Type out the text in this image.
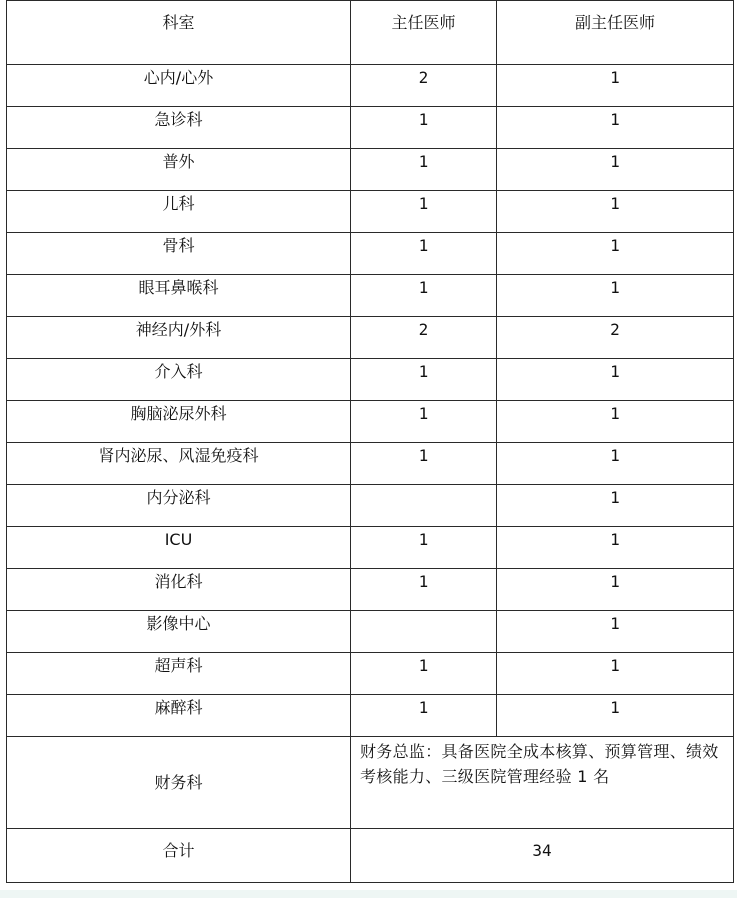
科室	主任医师	副主任医师
心内/心外	2	1
急诊科	1	1
普外	1	1
儿科	1	1
骨科	1	1
眼耳鼻喉科	1	1
神经内/外科	2	2
介入科	1	1
胸脑泌尿外科	1	1
肾内泌尿、风湿免疫科	1	1
内分泌科		1
ICU	1	1
消化科	1	1
影像中心		1
超声科	1	1
麻醉科	1	1
财务科	财务总监：具备医院全成本核算、预算管理、绩效考核能力、三级医院管理经验 1 名	
合计	34	
